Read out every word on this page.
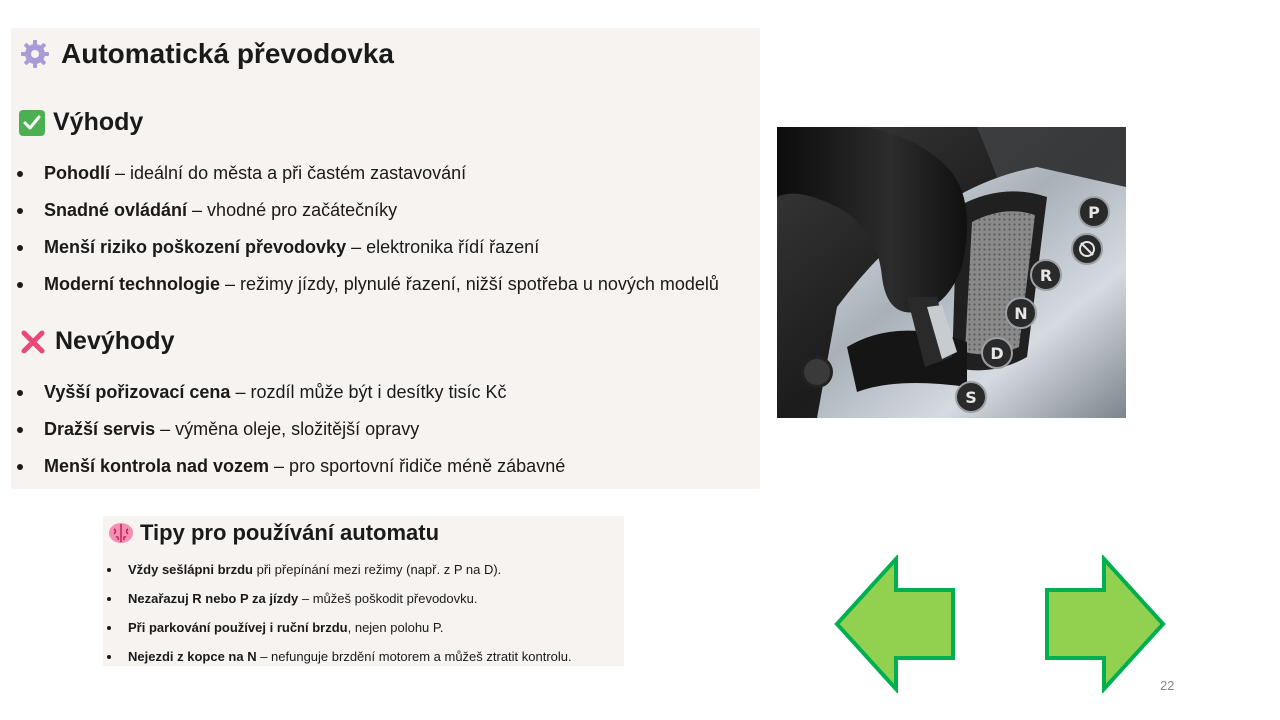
Automatická převodovka
Výhody
Pohodlí – ideální do města a při častém zastavování
Snadné ovládání – vhodné pro začátečníky
Menší riziko poškození převodovky – elektronika řídí řazení
Moderní technologie – režimy jízdy, plynulé řazení, nižší spotřeba u nových modelů
Nevýhody
Vyšší pořizovací cena – rozdíl může být i desítky tisíc Kč
Dražší servis – výměna oleje, složitější opravy
Menší kontrola nad vozem – pro sportovní řidiče méně zábavné
Tipy pro používání automatu
Vždy sešlápni brzdu při přepínání mezi režimy (např. z P na D).
Nezařazuj R nebo P za jízdy – můžeš poškodit převodovku.
Při parkování používej i ruční brzdu, nejen polohu P.
Nejezdi z kopce na N – nefunguje brzdění motorem a můžeš ztratit kontrolu.
P
R
N
D
S
22
